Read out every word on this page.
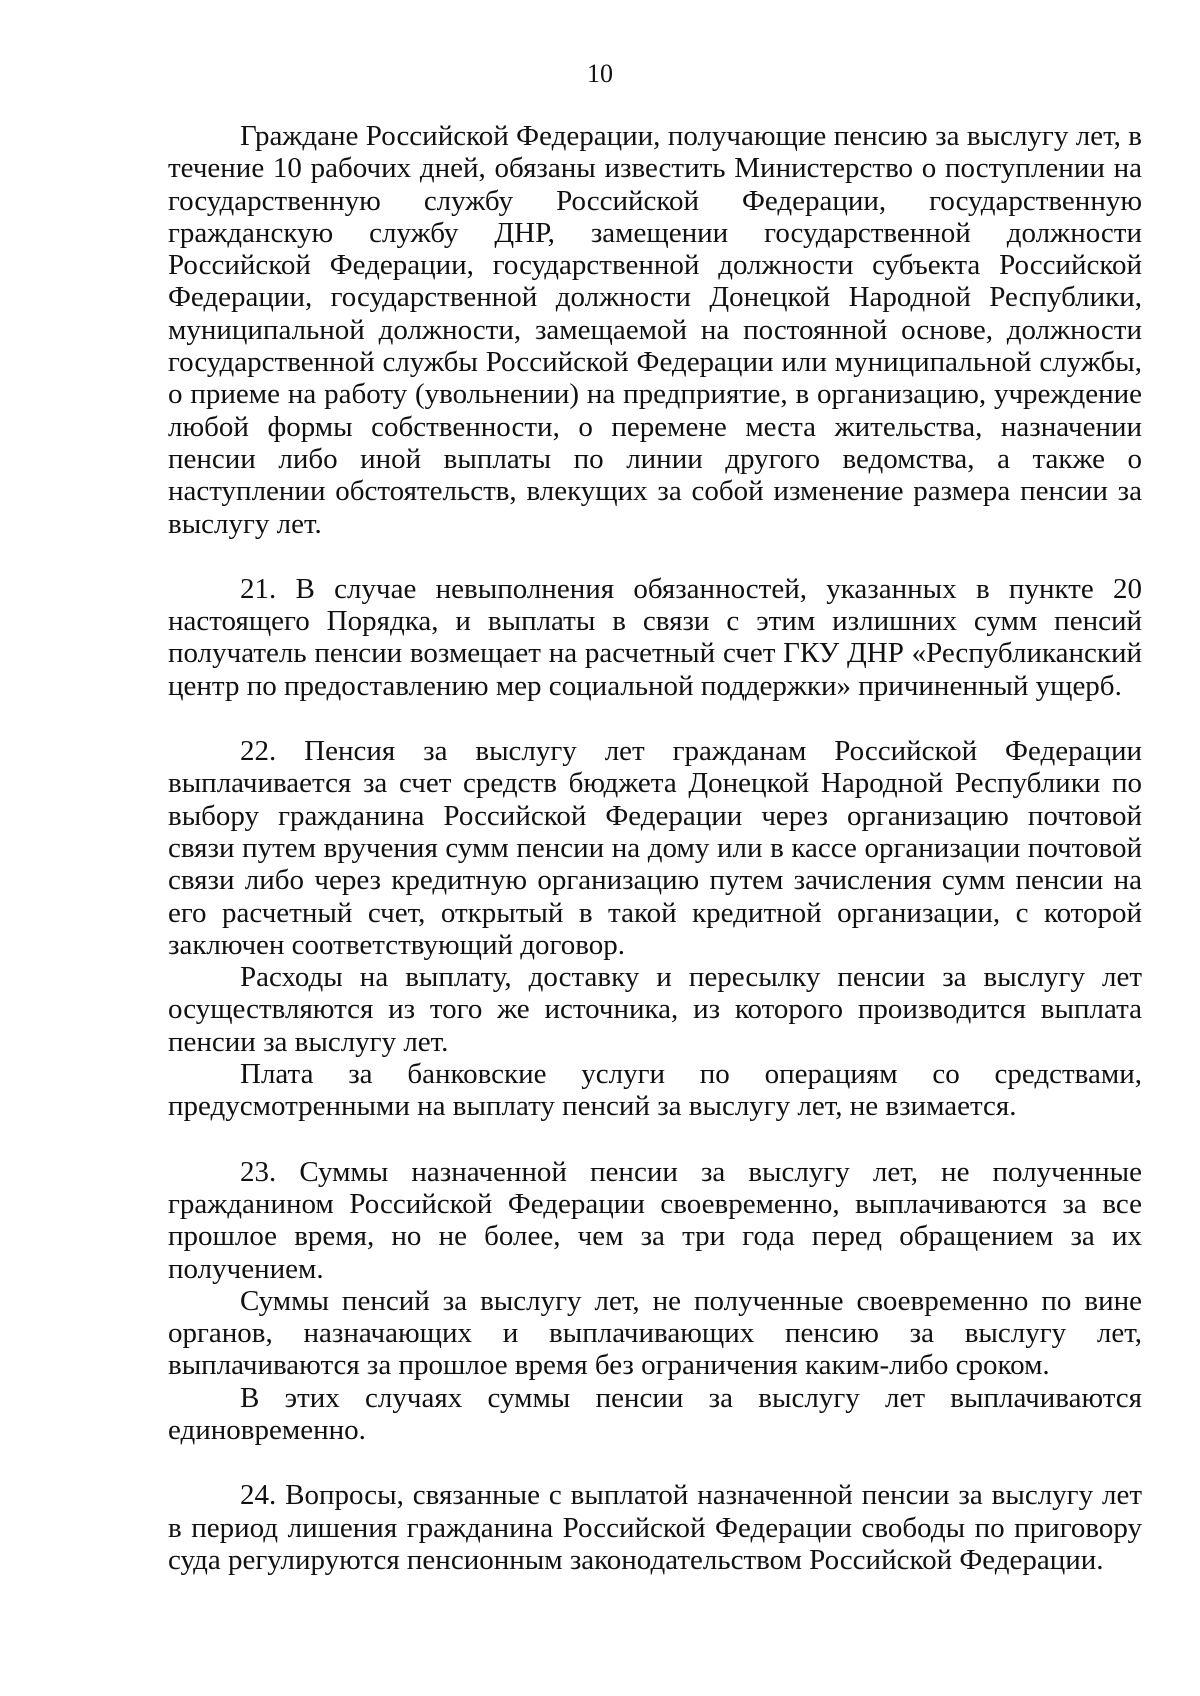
10

Граждане Российской Федерации, получающие пенсию за выслугу лет, в течение 10 рабочих дней, обязаны известить Министерство о поступлении на государственную службу Российской Федерации, государственную гражданскую службу ДНР, замещении государственной должности Российской Федерации, государственной должности субъекта Российской Федерации, государственной должности Донецкой Народной Республики, муниципальной должности, замещаемой на постоянной основе, должности государственной службы Российской Федерации или муниципальной службы, о приеме на работу (увольнении) на предприятие, в организацию, учреждение любой формы собственности, о перемене места жительства, назначении пенсии либо иной выплаты по линии другого ведомства, а также о наступлении обстоятельств, влекущих за собой изменение размера пенсии за выслугу лет.

21. В случае невыполнения обязанностей, указанных в пункте 20 настоящего Порядка, и выплаты в связи с этим излишних сумм пенсий получатель пенсии возмещает на расчетный счет ГКУ ДНР «Республиканский центр по предоставлению мер социальной поддержки» причиненный ущерб.

22. Пенсия за выслугу лет гражданам Российской Федерации выплачивается за счет средств бюджета Донецкой Народной Республики по выбору гражданина Российской Федерации через организацию почтовой связи путем вручения сумм пенсии на дому или в кассе организации почтовой связи либо через кредитную организацию путем зачисления сумм пенсии на его расчетный счет, открытый в такой кредитной организации, с которой заключен соответствующий договор.

Расходы на выплату, доставку и пересылку пенсии за выслугу лет осуществляются из того же источника, из которого производится выплата пенсии за выслугу лет.

Плата за банковские услуги по операциям со средствами, предусмотренными на выплату пенсий за выслугу лет, не взимается.

23. Суммы назначенной пенсии за выслугу лет, не полученные гражданином Российской Федерации своевременно, выплачиваются за все прошлое время, но не более, чем за три года перед обращением за их получением.

Суммы пенсий за выслугу лет, не полученные своевременно по вине органов, назначающих и выплачивающих пенсию за выслугу лет, выплачиваются за прошлое время без ограничения каким-либо сроком.

В этих случаях суммы пенсии за выслугу лет выплачиваются единовременно.

24. Вопросы, связанные с выплатой назначенной пенсии за выслугу лет в период лишения гражданина Российской Федерации свободы по приговору суда регулируются пенсионным законодательством Российской Федерации.
